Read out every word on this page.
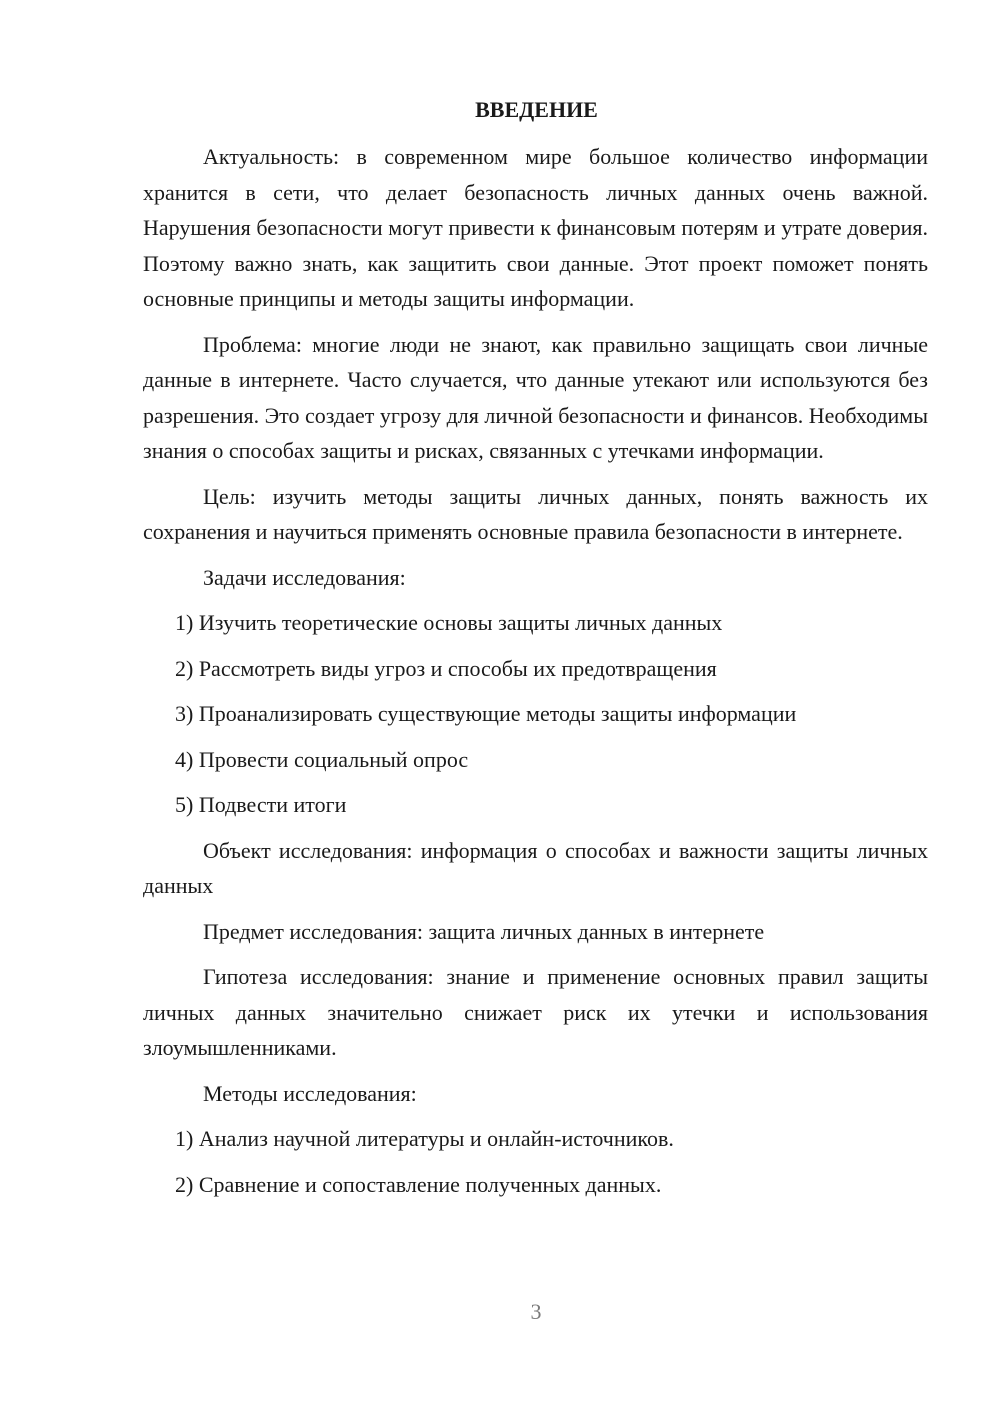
ВВЕДЕНИЕ

Актуальность: в современном мире большое количество информации хранится в сети, что делает безопасность личных данных очень важной. Нарушения безопасности могут привести к финансовым потерям и утрате доверия. Поэтому важно знать, как защитить свои данные. Этот проект поможет понять основные принципы и методы защиты информации.

Проблема: многие люди не знают, как правильно защищать свои личные данные в интернете. Часто случается, что данные утекают или используются без разрешения. Это создает угрозу для личной безопасности и финансов. Необходимы знания о способах защиты и рисках, связанных с утечками информации.

Цель: изучить методы защиты личных данных, понять важность их сохранения и научиться применять основные правила безопасности в интернете.

Задачи исследования:
1) Изучить теоретические основы защиты личных данных
2) Рассмотреть виды угроз и способы их предотвращения
3) Проанализировать существующие методы защиты информации
4) Провести социальный опрос
5) Подвести итоги

Объект исследования: информация о способах и важности защиты личных данных

Предмет исследования: защита личных данных в интернете

Гипотеза исследования: знание и применение основных правил защиты личных данных значительно снижает риск их утечки и использования злоумышленниками.

Методы исследования:
1) Анализ научной литературы и онлайн-источников.
2) Сравнение и сопоставление полученных данных.
3
